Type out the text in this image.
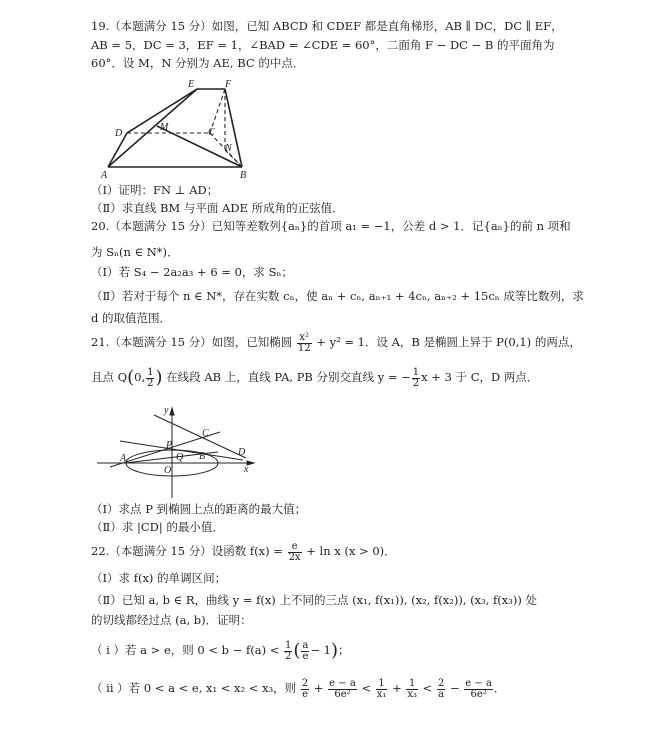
19.（本题满分 15 分）如图，已知 ABCD 和 CDEF 都是直角梯形，AB ∥ DC，DC ∥ EF，
AB = 5，DC = 3，EF = 1，∠BAD = ∠CDE = 60°，二面角 F − DC − B 的平面角为
60°．设 M，N 分别为 AE, BC 的中点．
E	F
D
M	C
N
A	B
（Ⅰ）证明：FN ⊥ AD；
（Ⅱ）求直线 BM 与平面 ADE 所成角的正弦值．
20.（本题满分 15 分）已知等差数列{aₙ}的首项 a₁ = −1，公差 d > 1．记{aₙ}的前 n 项和
为 Sₙ(n ∈ N*)．
（Ⅰ）若 S₄ − 2a₂a₃ + 6 = 0，求 Sₙ；
（Ⅱ）若对于每个 n ∈ N*，存在实数 cₙ，使 aₙ + cₙ, aₙ₊₁ + 4cₙ, aₙ₊₂ + 15cₙ 成等比数列，求
d 的取值范围．
21.（本题满分 15 分）如图，已知椭圆 $\frac{\text{x²}}{12} + y^2 = 1$．设 A，B 是椭圆上异于 P(0,1) 的两点，
且点 Q(0, $\frac{1}{2}$ ) 在线段 AB 上，直线 PA, PB 分别交直线 y = − $\frac{1}{2}$ x + 3 于 C，D 两点．
y
x
O
P
Q
A	B
C
D
（Ⅰ）求点 P 到椭圆上点的距离的最大值；
（Ⅱ）求 |CD| 的最小值．
22.（本题满分 15 分）设函数 $f(x) = \frac{e}{2x} + \ln x$ (x > 0)．
（Ⅰ）求 f(x) 的单调区间；
（Ⅱ）已知 a, b ∈ R，曲线 y = f(x) 上不同的三点 (x₁, f(x₁)), (x₂, f(x₂)), (x₃, f(x₃)) 处
的切线都经过点 (a, b)．证明：
（ i ）若 a > e，则 $0 < b - f(a) < \frac{1}{2}$ ( $\frac{a}{e} - 1$)；
（ ii ）若 0 < a < e, x₁ < x₂ < x₃，则 $\frac{2}{e} + \frac{e - a}{\text{6e²}} < \frac{1}{\text{x₁}} + \frac{1}{\text{x₃}} < \frac{2}{a} - \frac{e - a}{\text{6e²}}$ ．
